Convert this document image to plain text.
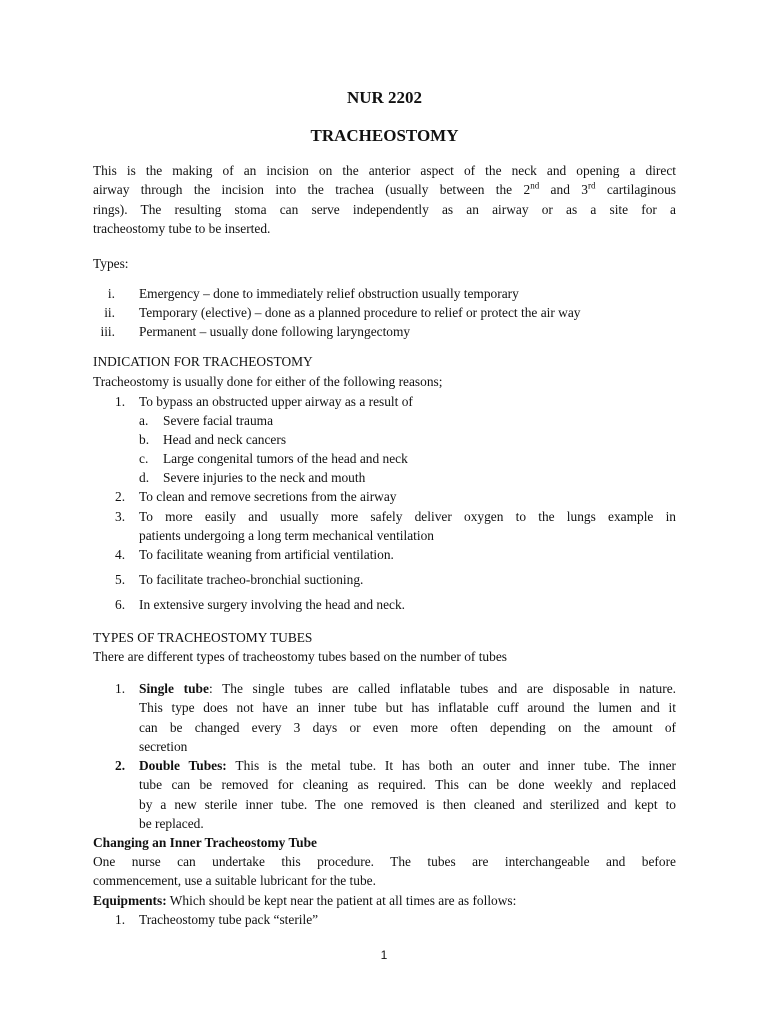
NUR 2202
TRACHEOSTOMY
This is the making of an incision on the anterior aspect of the neck and opening a direct
airway through the incision into the trachea (usually between the 2nd and 3rd cartilaginous
rings). The resulting stoma can serve independently as an airway or as a site for a
tracheostomy tube to be inserted.
Types:
i. Emergency – done to immediately relief obstruction usually temporary
ii. Temporary (elective) – done as a planned procedure to relief or protect the air way
iii. Permanent – usually done following laryngectomy
INDICATION FOR TRACHEOSTOMY
Tracheostomy is usually done for either of the following reasons;
1. To bypass an obstructed upper airway as a result of
a. Severe facial trauma
b. Head and neck cancers
c. Large congenital tumors of the head and neck
d. Severe injuries to the neck and mouth
2. To clean and remove secretions from the airway
3. To more easily and usually more safely deliver oxygen to the lungs example in
patients undergoing a long term mechanical ventilation
4. To facilitate weaning from artificial ventilation.
5. To facilitate tracheo-bronchial suctioning.
6. In extensive surgery involving the head and neck.
TYPES OF TRACHEOSTOMY TUBES
There are different types of tracheostomy tubes based on the number of tubes
1. Single tube: The single tubes are called inflatable tubes and are disposable in nature.
This type does not have an inner tube but has inflatable cuff around the lumen and it
can be changed every 3 days or even more often depending on the amount of
secretion
2. Double Tubes: This is the metal tube. It has both an outer and inner tube. The inner
tube can be removed for cleaning as required. This can be done weekly and replaced
by a new sterile inner tube. The one removed is then cleaned and sterilized and kept to
be replaced.
Changing an Inner Tracheostomy Tube
One nurse can undertake this procedure. The tubes are interchangeable and before
commencement, use a suitable lubricant for the tube.
Equipments: Which should be kept near the patient at all times are as follows:
1. Tracheostomy tube pack “sterile”
1
